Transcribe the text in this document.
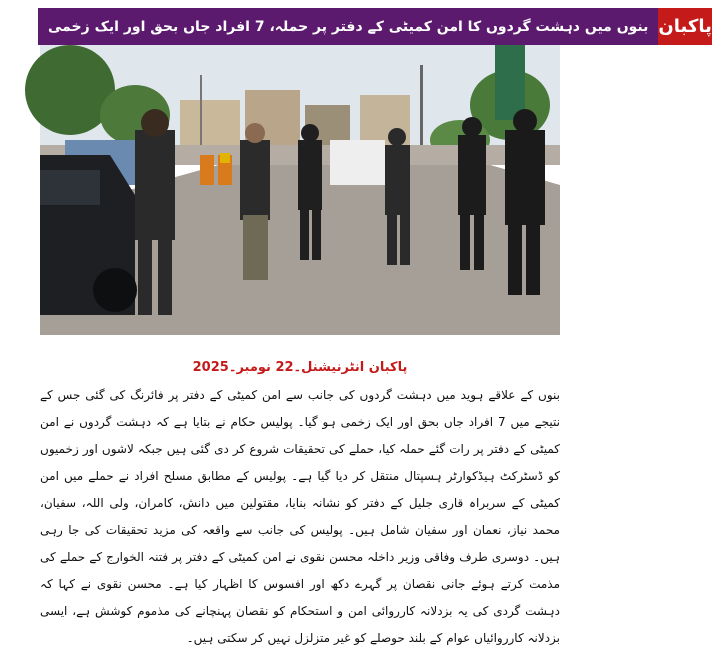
بنوں میں دہشت گردوں کا امن کمیٹی کے دفتر پر حملہ، 7 افراد جاں بحق اور ایک زخمی پاکبان
پاکبان انٹرنیشنل۔22 نومبر۔2025
بنوں کے علاقے ہوید میں دہشت گردوں کی جانب سے امن کمیٹی کے دفتر پر فائرنگ کی گئی جس کے نتیجے میں 7 افراد جاں بحق اور ایک زخمی ہو گیا۔ پولیس حکام نے بتایا ہے کہ دہشت گردوں نے امن کمیٹی کے دفتر پر رات گئے حملہ کیا، حملے کی تحقیقات شروع کر دی گئی ہیں جبکہ لاشوں اور زخمیوں کو ڈسٹرکٹ ہیڈکوارٹر ہسپتال منتقل کر دیا گیا ہے۔ پولیس کے مطابق مسلح افراد نے حملے میں امن کمیٹی کے سربراہ قاری جلیل کے دفتر کو نشانہ بنایا، مقتولین میں دانش، کامران، ولی اللہ، سفیان، محمد نیاز، نعمان اور سفیان شامل ہیں۔ پولیس کی جانب سے واقعہ کی مزید تحقیقات کی جا رہی ہیں۔ دوسری طرف وفاقی وزیر داخلہ محسن نقوی نے امن کمیٹی کے دفتر پر فتنہ الخوارج کے حملے کی مذمت کرتے ہوئے جانی نقصان پر گہرے دکھ اور افسوس کا اظہار کیا ہے۔ محسن نقوی نے کہا کہ دہشت گردی کی یہ بزدلانہ کارروائی امن و استحکام کو نقصان پہنچانے کی مذموم کوشش ہے، ایسی بزدلانہ کارروائیاں عوام کے بلند حوصلے کو غیر متزلزل نہیں کر سکتی ہیں۔
